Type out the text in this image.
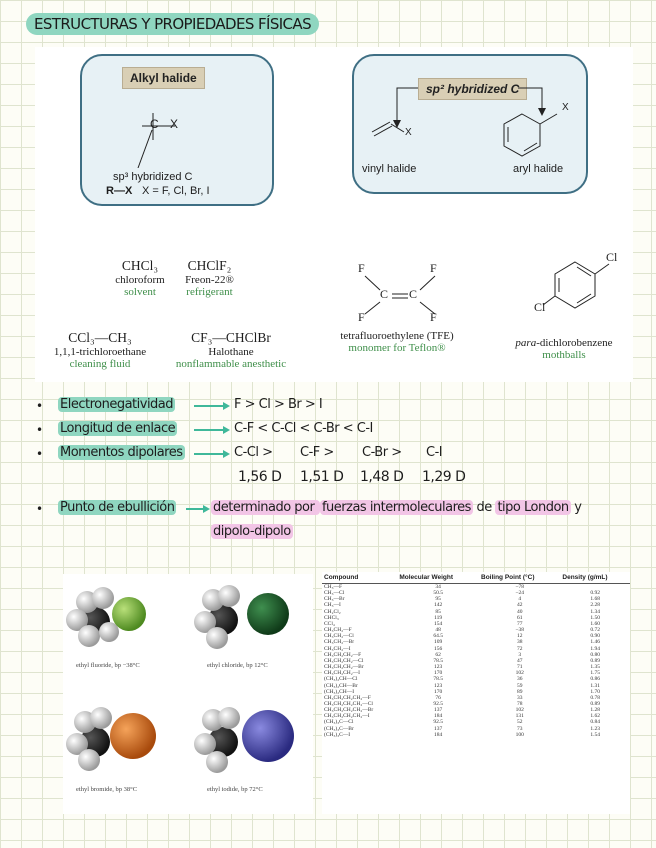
ESTRUCTURAS Y PROPIEDADES FÍSICAS
Alkyl halide
C X
sp³ hybridized C
R—X X = F, Cl, Br, I
sp² hybridized C
X
X
vinyl halide	aryl halide
CHCl₃
chloroform
solvent
CHClF₂
Freon-22®
refrigerant
CCl₃—CH₃
1,1,1-trichloroethane
cleaning fluid
CF₃—CHClBr
Halothane
nonflammable anesthetic
F	F
F	F
C C
tetrafluoroethylene (TFE)
monomer for Teflon®
Cl
Cl
para-dichlorobenzene
mothballs
• Electronegatividad	F > Cl > Br > I
• Longitud de enlace	C-F < C-Cl < C-Br < C-I
• Momentos dipolares	C-Cl > C-F > C-Br > C-I
1,56 D 1,51 D 1,48 D 1,29 D
• Punto de ebullición	determinado por fuerzas intermoleculares de tipo London y
dipolo-dipolo
ethyl fluoride, bp −38°C	ethyl chloride, bp 12°C
ethyl bromide, bp 38°C	ethyl iodide, bp 72°C
Compound	Molecular Weight	Boiling Point (°C)	Density (g/mL)
CH₃—F	34	−78	
CH₃—Cl	50.5	−24	0.92
CH₃—Br	95	4	1.68
CH₃—I	142	42	2.28
CH₂Cl₂	85	40	1.34
CHCl₃	119	61	1.50
CCl₄	154	77	1.60
CH₃CH₂—F	48	−38	0.72
CH₃CH₂—Cl	64.5	12	0.90
CH₃CH₂—Br	109	38	1.46
CH₃CH₂—I	156	72	1.94
CH₃CH₂CH₂—F	62	3	0.80
CH₃CH₂CH₂—Cl	78.5	47	0.89
CH₃CH₂CH₂—Br	123	71	1.35
CH₃CH₂CH₂—I	170	102	1.75
(CH₃)₂CH—Cl	78.5	36	0.86
(CH₃)₂CH—Br	123	59	1.31
(CH₃)₂CH—I	170	89	1.70
CH₃CH₂CH₂CH₂—F	76	33	0.78
CH₃CH₂CH₂CH₂—Cl	92.5	78	0.89
CH₃CH₂CH₂CH₂—Br	137	102	1.28
CH₃CH₂CH₂CH₂—I	184	131	1.62
(CH₃)₃C—Cl	92.5	52	0.84
(CH₃)₃C—Br	137	73	1.23
(CH₃)₃C—I	184	100	1.54
